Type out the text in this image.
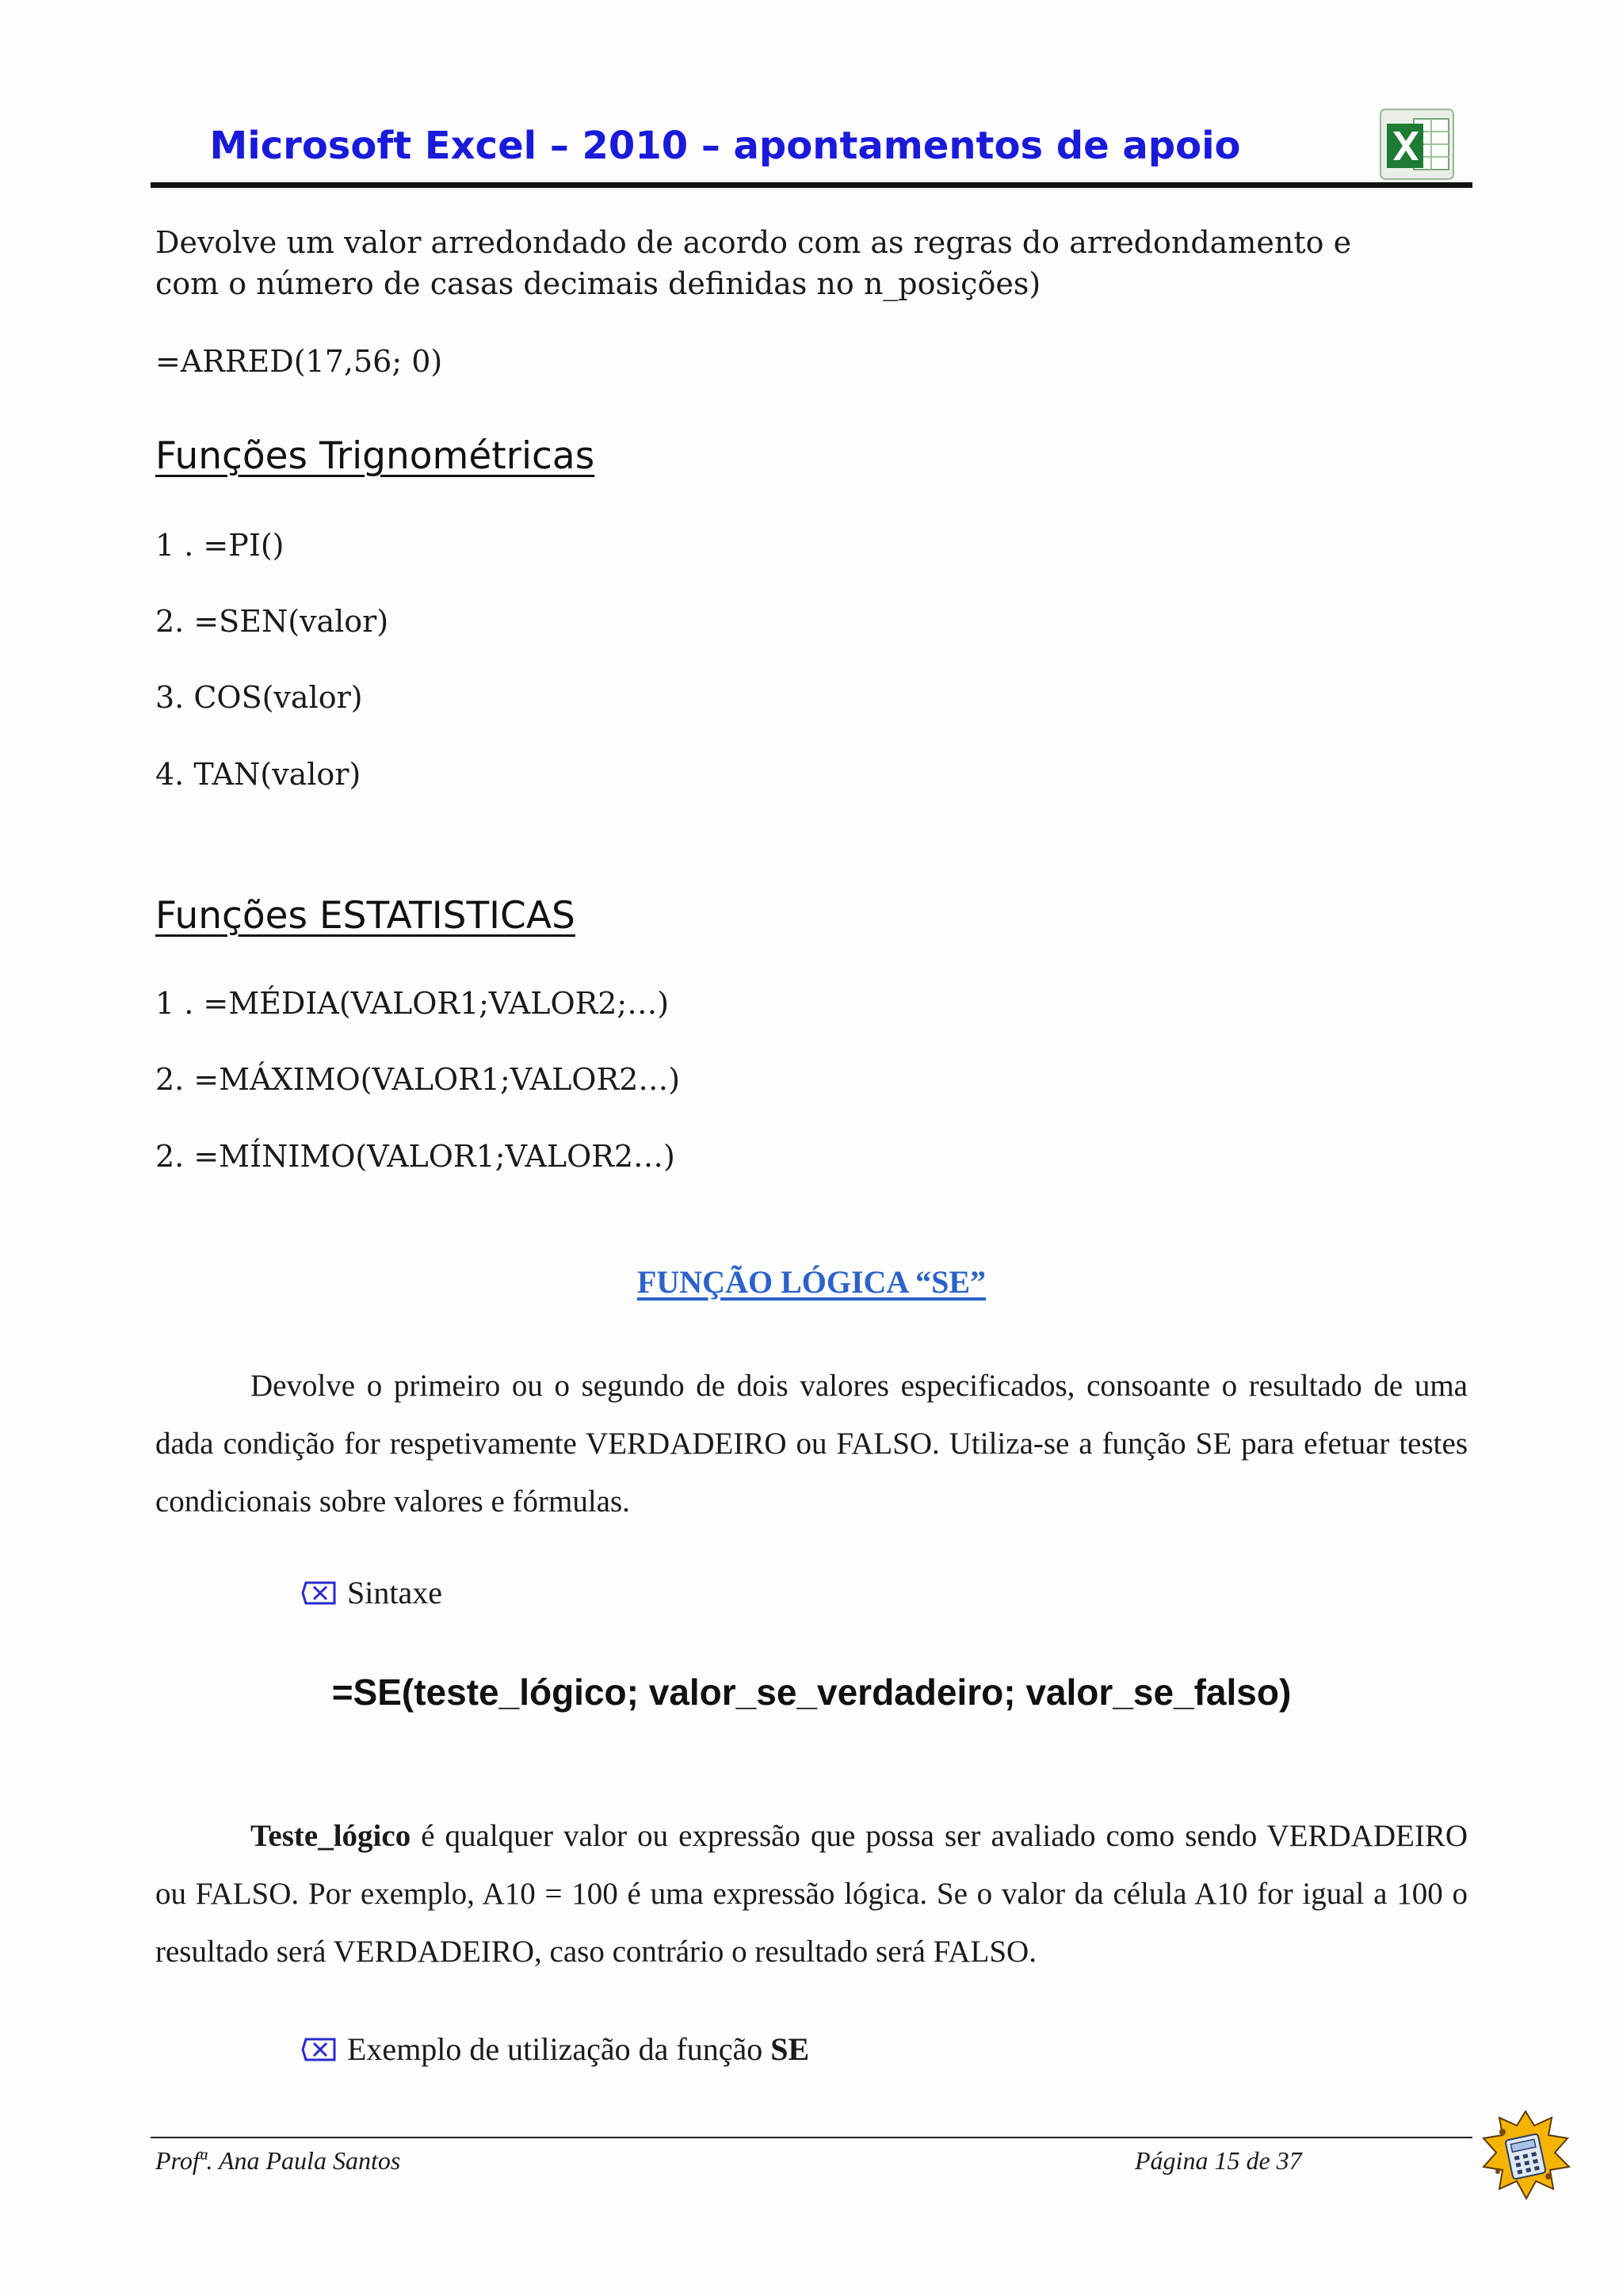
Microsoft Excel – 2010 – apontamentos de apoio
Devolve um valor arredondado de acordo com as regras do arredondamento e
com o número de casas decimais definidas no n_posições)
=ARRED(17,56; 0)
Funções Trignométricas
1 . =PI()
2. =SEN(valor)
3. COS(valor)
4. TAN(valor)
Funções ESTATISTICAS
1 . =MÉDIA(VALOR1;VALOR2;…)
2. =MÁXIMO(VALOR1;VALOR2…)
2. =MÍNIMO(VALOR1;VALOR2…)
FUNÇÃO LÓGICA “SE”
Devolve o primeiro ou o segundo de dois valores especificados, consoante o resultado de uma dada condição for respetivamente VERDADEIRO ou FALSO. Utiliza-se a função SE para efetuar testes condicionais sobre valores e fórmulas.
Sintaxe
=SE(teste_lógico; valor_se_verdadeiro; valor_se_falso)
Teste_lógico é qualquer valor ou expressão que possa ser avaliado como sendo VERDADEIRO ou FALSO. Por exemplo, A10 = 100 é uma expressão lógica. Se o valor da célula A10 for igual a 100 o resultado será VERDADEIRO, caso contrário o resultado será FALSO.
Exemplo de utilização da função SE
Profª. Ana Paula Santos	Página 15 de 37
